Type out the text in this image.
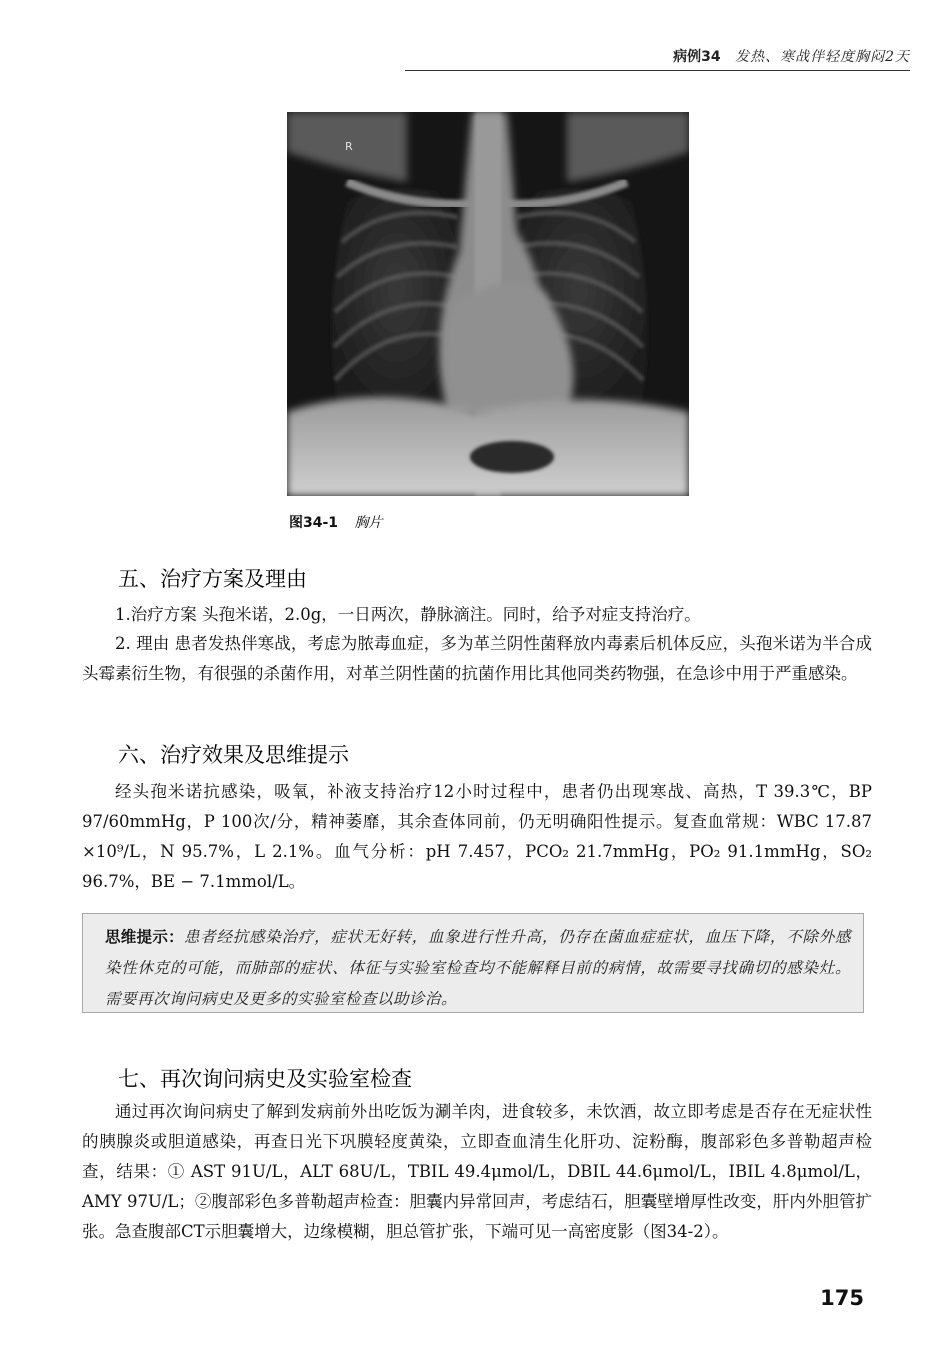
病例34 发热、寒战伴轻度胸闷2天
R
图34-1 胸片
五、治疗方案及理由

1.治疗方案 头孢米诺，2.0g，一日两次，静脉滴注。同时，给予对症支持治疗。

2. 理由 患者发热伴寒战，考虑为脓毒血症，多为革兰阴性菌释放内毒素后机体反应，头孢米诺为半合成头霉素衍生物，有很强的杀菌作用，对革兰阴性菌的抗菌作用比其他同类药物强，在急诊中用于严重感染。

六、治疗效果及思维提示

经头孢米诺抗感染，吸氧，补液支持治疗12小时过程中，患者仍出现寒战、高热，T 39.3℃，BP 97/60mmHg，P 100次/分，精神萎靡，其余查体同前，仍无明确阳性提示。复查血常规：WBC 17.87 ×10⁹/L，N 95.7%，L 2.1%。血气分析：pH 7.457，PCO₂ 21.7mmHg，PO₂ 91.1mmHg，SO₂ 96.7%，BE − 7.1mmol/L。

思维提示：患者经抗感染治疗，症状无好转，血象进行性升高，仍存在菌血症症状，血压下降，不除外感染性休克的可能，而肺部的症状、体征与实验室检查均不能解释目前的病情，故需要寻找确切的感染灶。需要再次询问病史及更多的实验室检查以助诊治。
七、再次询问病史及实验室检查

通过再次询问病史了解到发病前外出吃饭为涮羊肉，进食较多，未饮酒，故立即考虑是否存在无症状性的胰腺炎或胆道感染，再查日光下巩膜轻度黄染，立即查血清生化肝功、淀粉酶，腹部彩色多普勒超声检查，结果：① AST 91U/L，ALT 68U/L，TBIL 49.4μmol/L，DBIL 44.6μmol/L，IBIL 4.8μmol/L，AMY 97U/L；②腹部彩色多普勒超声检查：胆囊内异常回声，考虑结石，胆囊壁增厚性改变，肝内外胆管扩张。急查腹部CT示胆囊增大，边缘模糊，胆总管扩张，下端可见一高密度影（图34-2）。

175
